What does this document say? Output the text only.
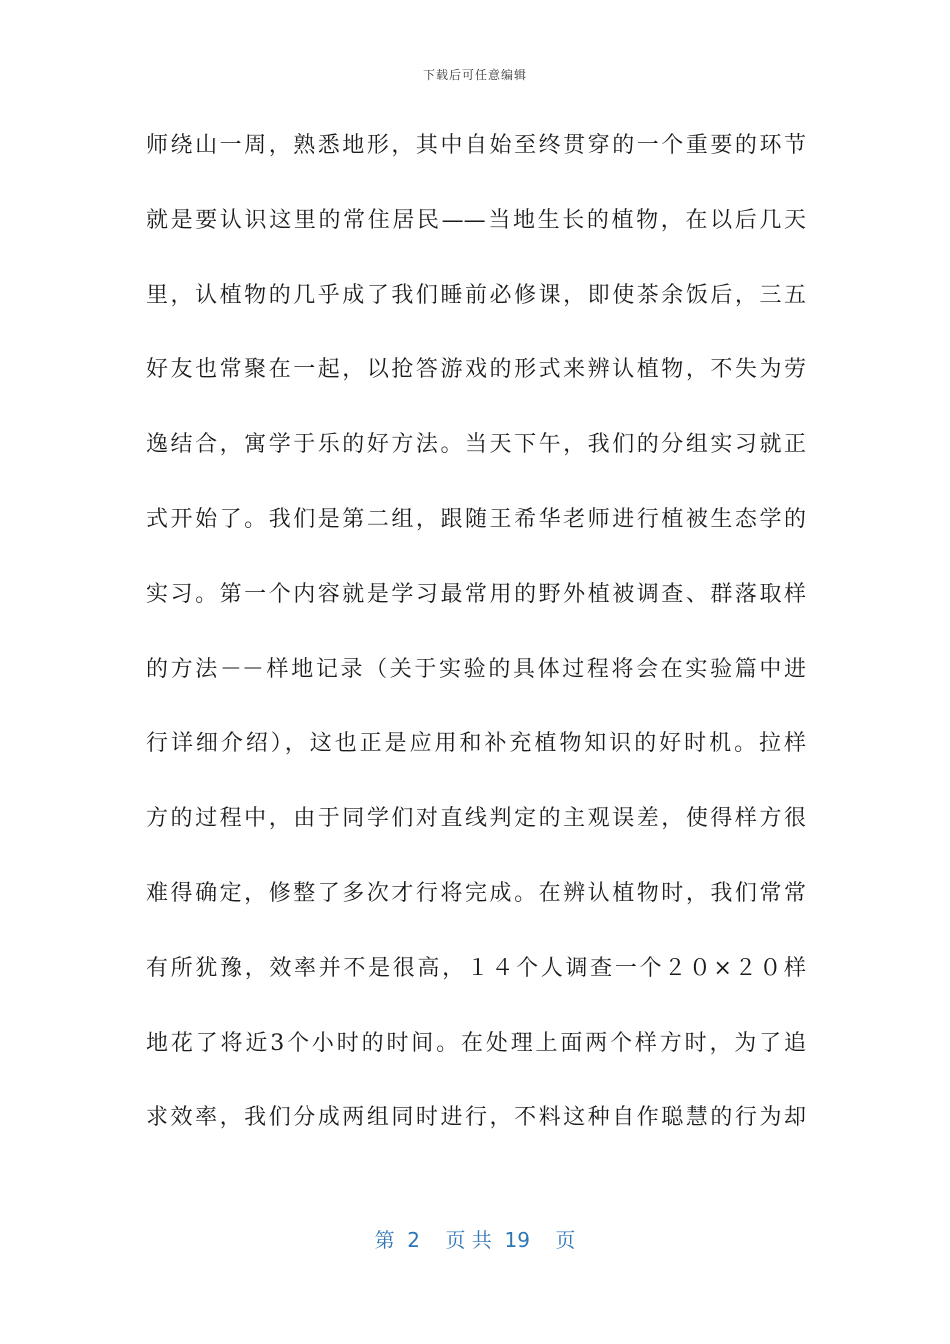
下载后可任意编辑
师绕山一周，熟悉地形，其中自始至终贯穿的一个重要的环节
就是要认识这里的常住居民——当地生长的植物，在以后几天
里，认植物的几乎成了我们睡前必修课，即使茶余饭后，三五
好友也常聚在一起，以抢答游戏的形式来辨认植物，不失为劳
逸结合，寓学于乐的好方法。当天下午，我们的分组实习就正
式开始了。我们是第二组，跟随王希华老师进行植被生态学的
实习。第一个内容就是学习最常用的野外植被调查、群落取样
的方法－－样地记录（关于实验的具体过程将会在实验篇中进
行详细介绍），这也正是应用和补充植物知识的好时机。拉样
方的过程中，由于同学们对直线判定的主观误差，使得样方很
难得确定，修整了多次才行将完成。在辨认植物时，我们常常
有所犹豫，效率并不是很高，１４个人调查一个２０×２０样
地花了将近3个小时的时间。在处理上面两个样方时，为了追
求效率，我们分成两组同时进行，不料这种自作聪慧的行为却
第  2    页 共  19    页
